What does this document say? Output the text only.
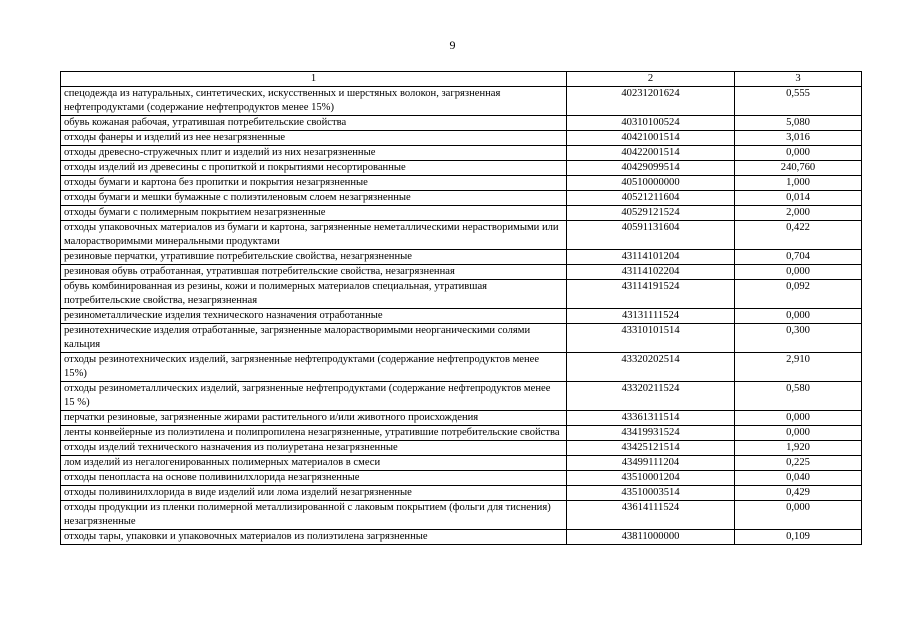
9
1	2	3
спецодежда из натуральных, синтетических, искусственных и шерстяных волокон, загрязненная нефтепродуктами (содержание нефтепродуктов менее 15%)	40231201624	0,555
обувь кожаная рабочая, утратившая потребительские свойства	40310100524	5,080
отходы фанеры и изделий из нее незагрязненные	40421001514	3,016
отходы древесно-стружечных плит и изделий из них незагрязненные	40422001514	0,000
отходы изделий из древесины с пропиткой и покрытиями несортированные	40429099514	240,760
отходы бумаги и картона без пропитки и покрытия незагрязненные	40510000000	1,000
отходы бумаги и мешки бумажные с полиэтиленовым слоем незагрязненные	40521211604	0,014
отходы бумаги с полимерным покрытием незагрязненные	40529121524	2,000
отходы упаковочных материалов из бумаги и картона, загрязненные неметаллическими нерастворимыми или малорастворимыми минеральными продуктами	40591131604	0,422
резиновые перчатки, утратившие потребительские свойства, незагрязненные	43114101204	0,704
резиновая обувь отработанная, утратившая потребительские свойства, незагрязненная	43114102204	0,000
обувь комбинированная из резины, кожи и полимерных материалов специальная, утратившая потребительские свойства, незагрязненная	43114191524	0,092
резинометаллические изделия технического назначения отработанные	43131111524	0,000
резинотехнические изделия отработанные, загрязненные малорастворимыми неорганическими солями кальция	43310101514	0,300
отходы резинотехнических изделий, загрязненные нефтепродуктами (содержание нефтепродуктов менее 15%)	43320202514	2,910
отходы резинометаллических изделий, загрязненные нефтепродуктами (содержание нефтепродуктов менее 15 %)	43320211524	0,580
перчатки резиновые, загрязненные жирами растительного и/или животного происхождения	43361311514	0,000
ленты конвейерные из полиэтилена и полипропилена незагрязненные, утратившие потребительские свойства	43419931524	0,000
отходы изделий технического назначения из полиуретана незагрязненные	43425121514	1,920
лом изделий из негалогенированных полимерных материалов в смеси	43499111204	0,225
отходы пенопласта на основе поливинилхлорида незагрязненные	43510001204	0,040
отходы поливинилхлорида в виде изделий или лома изделий незагрязненные	43510003514	0,429
отходы продукции из пленки полимерной металлизированной с лаковым покрытием (фольги для тиснения) незагрязненные	43614111524	0,000
отходы тары, упаковки и упаковочных материалов из полиэтилена загрязненные	43811000000	0,109
